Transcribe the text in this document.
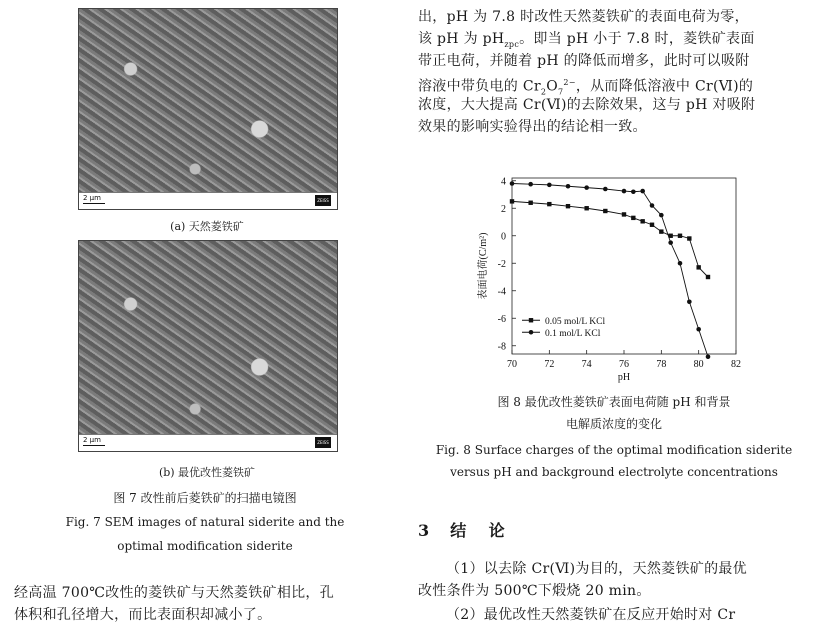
2 μm	ZEISS
(a) 天然菱铁矿
2 μm	ZEISS
(b) 最优改性菱铁矿
图 7 改性前后菱铁矿的扫描电镜图
Fig. 7 SEM images of natural siderite and the
optimal modification siderite
经高温 700℃改性的菱铁矿与天然菱铁矿相比，孔
体积和孔径增大，而比表面积却减小了。
出，pH 为 7.8 时改性天然菱铁矿的表面电荷为零，
该 pH 为 $pH_{zpc}$。即当 pH 小于 7.8 时，菱铁矿表面
带正电荷，并随着 pH 的降低而增多，此时可以吸附
溶液中带负电的 $Cr_2O_7^{2-}$，从而降低溶液中 Cr(Ⅵ)的
浓度，大大提高 Cr(Ⅵ)的去除效果，这与 pH 对吸附
效果的影响实验得出的结论相一致。
70	72	74	76	78	80	82
4
2
0
-2
-4
-6
-8
pH
表面电荷(C/m²)
0.05 mol/L KCl
0.1 mol/L KCl
图 8 最优改性菱铁矿表面电荷随 pH 和背景
电解质浓度的变化
Fig. 8 Surface charges of the optimal modification siderite
versus pH and background electrolyte concentrations
3 结    论
（1）以去除 Cr(Ⅵ)为目的，天然菱铁矿的最优
改性条件为 500℃下煅烧 20 min。
（2）最优改性天然菱铁矿在反应开始时对 Cr
